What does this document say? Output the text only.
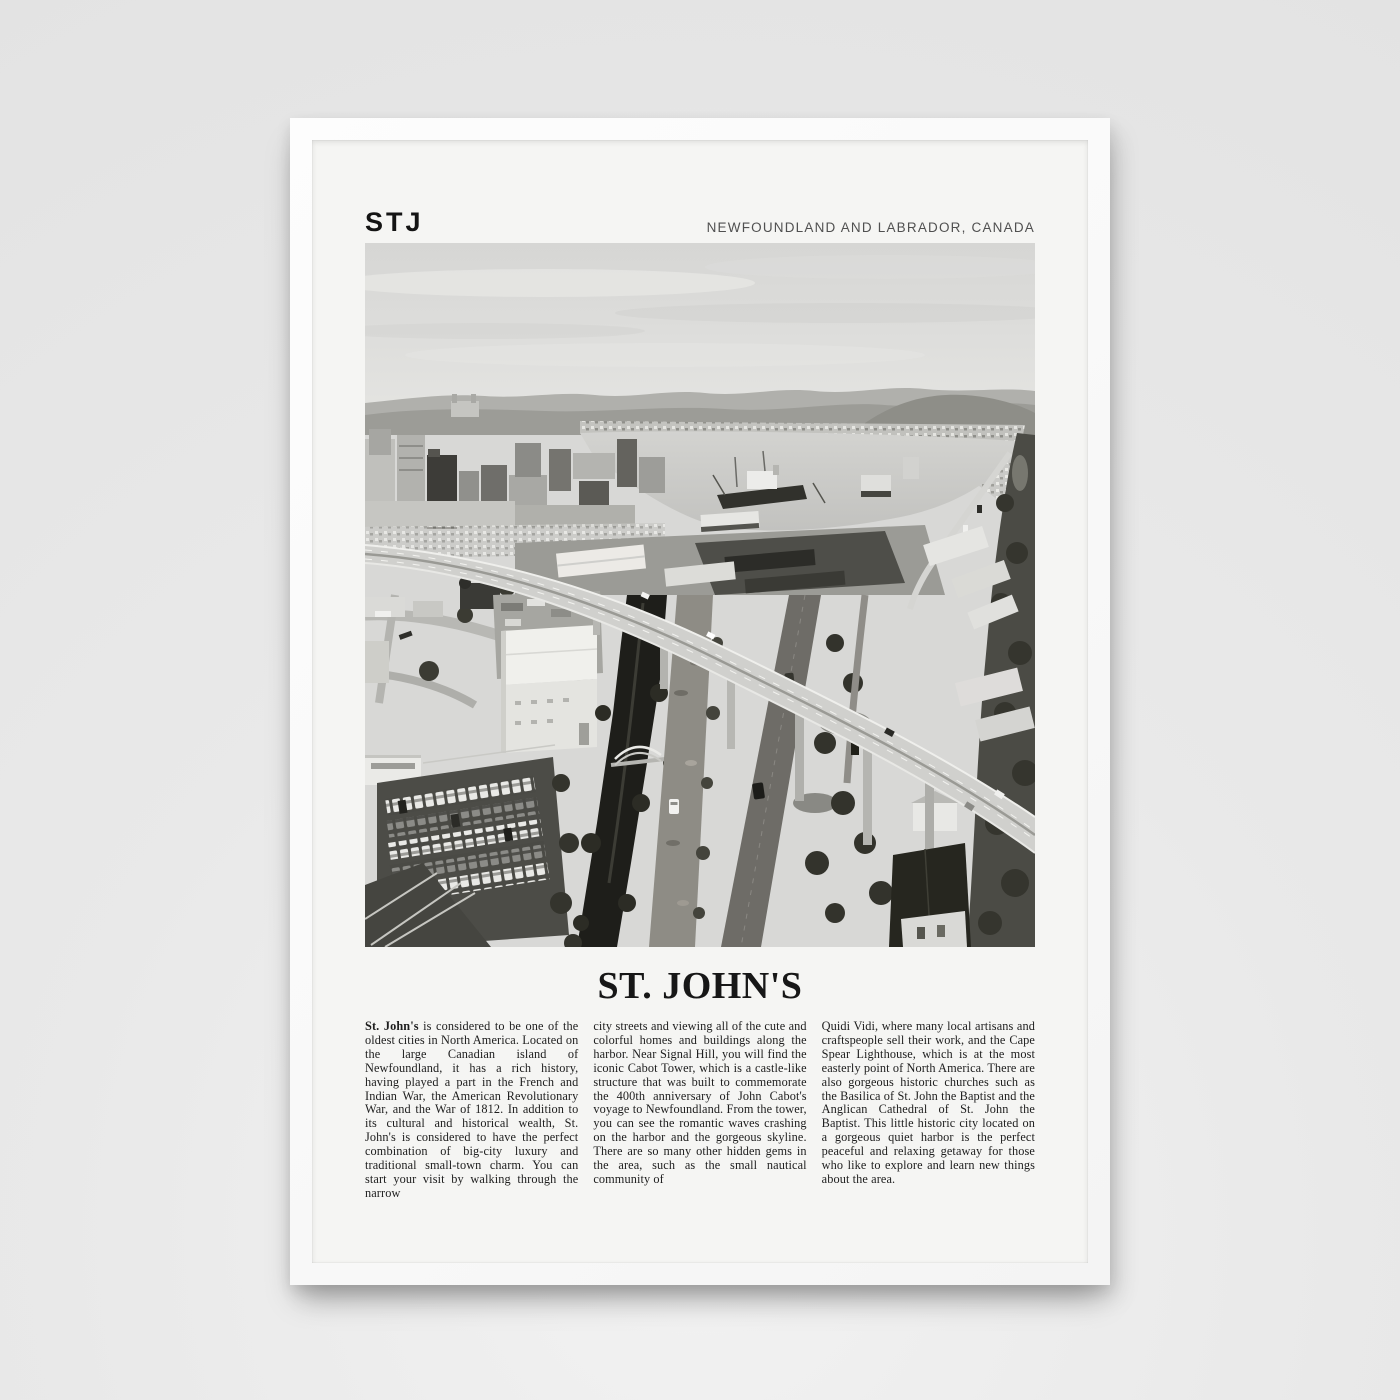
STJ	NEWFOUNDLAND AND LABRADOR, CANADA
ST. JOHN'S

St. John's is considered to be one of the oldest cities in North America. Located on the large Canadian island of Newfoundland, it has a rich history, having played a part in the French and Indian War, the American Revolutionary War, and the War of 1812. In addition to its cultural and historical wealth, St. John's is considered to have the perfect combination of big-city luxury and traditional small-town charm. You can start your visit by walking through the narrow

city streets and viewing all of the cute and colorful homes and buildings along the harbor. Near Signal Hill, you will find the iconic Cabot Tower, which is a castle-like structure that was built to commemorate the 400th anniversary of John Cabot's voyage to Newfoundland. From the tower, you can see the romantic waves crashing on the harbor and the gorgeous skyline. There are so many other hidden gems in the area, such as the small nautical community of

Quidi Vidi, where many local artisans and craftspeople sell their work, and the Cape Spear Lighthouse, which is at the most easterly point of North America. There are also gorgeous historic churches such as the Basilica of St. John the Baptist and the Anglican Cathedral of St. John the Baptist. This little historic city located on a gorgeous quiet harbor is the perfect peaceful and relaxing getaway for those who like to explore and learn new things about the area.
